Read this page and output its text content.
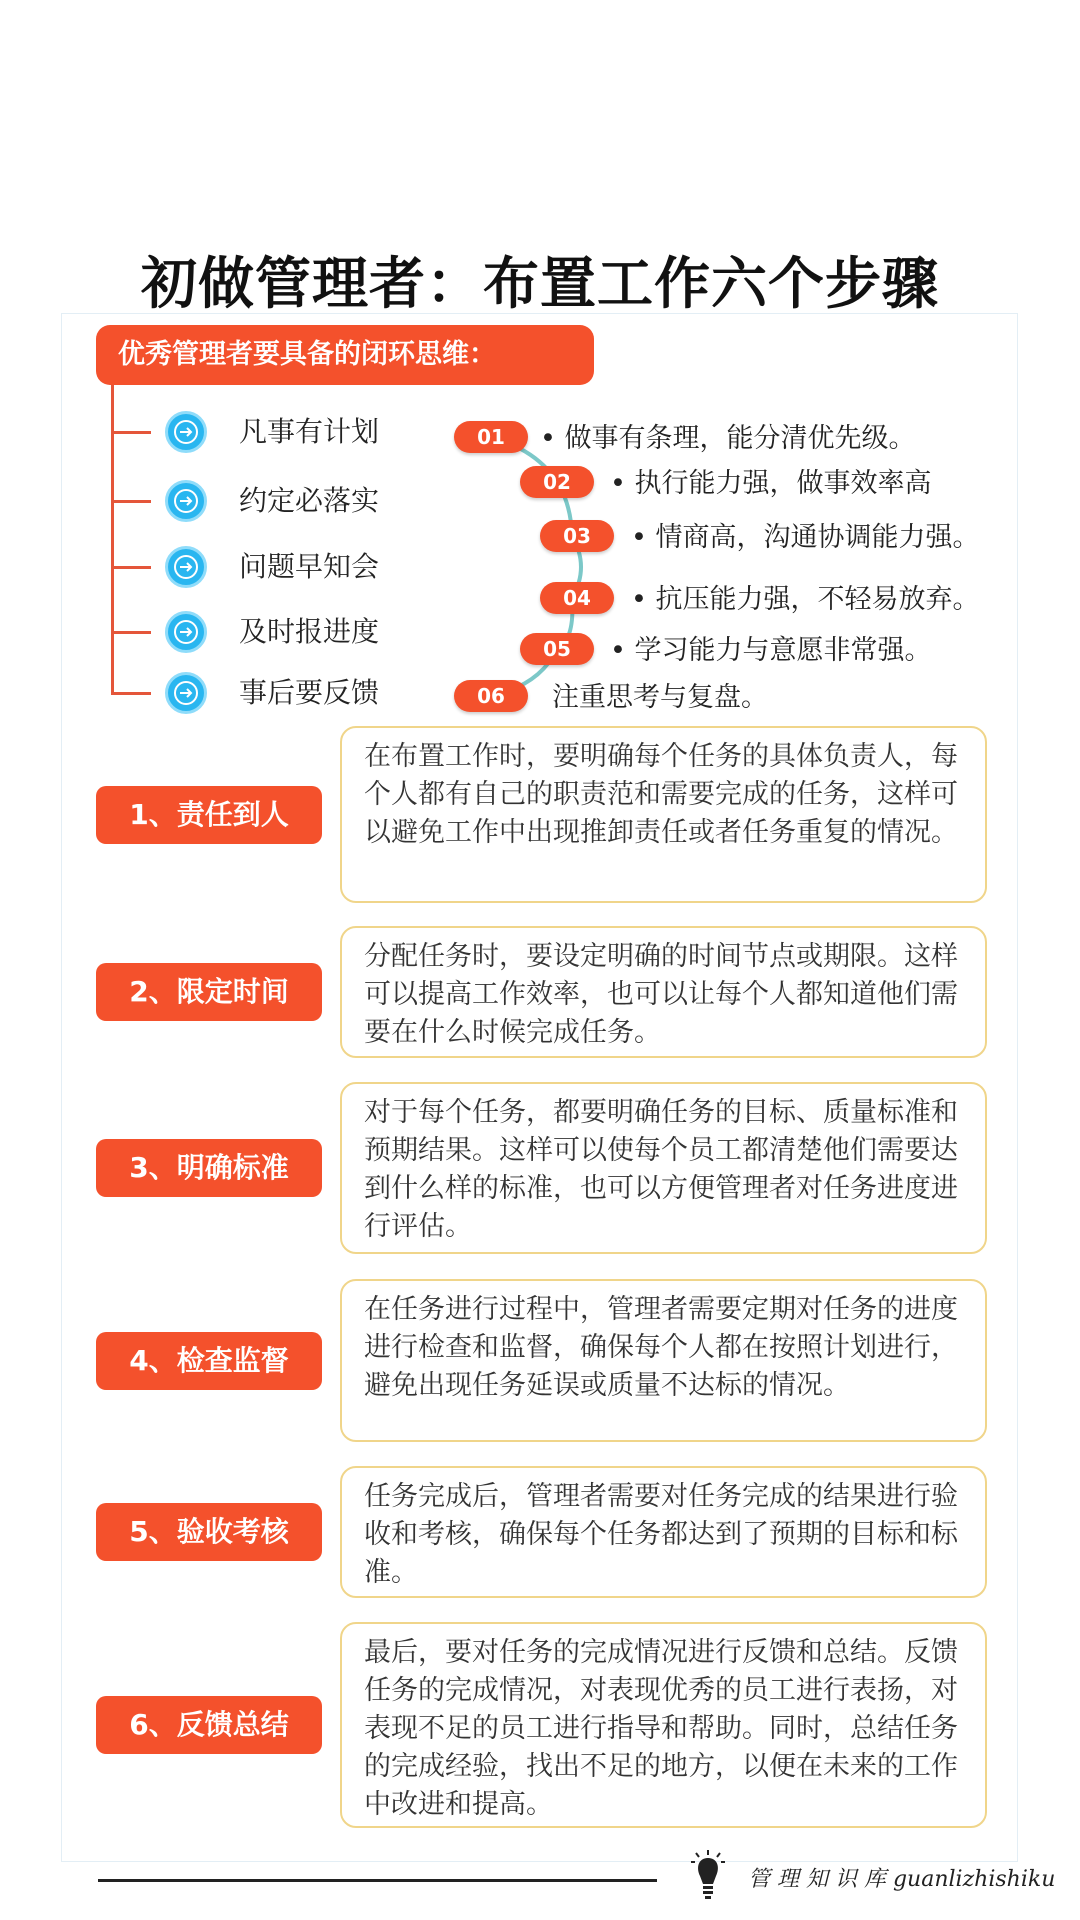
初做管理者：布置工作六个步骤
优秀管理者要具备的闭环思维：
凡事有计划
约定必落实
问题早知会
及时报进度
事后要反馈
01	• 做事有条理，能分清优先级。
02	• 执行能力强，做事效率高
03	• 情商高，沟通协调能力强。
04	• 抗压能力强，不轻易放弃。
05	• 学习能力与意愿非常强。
06	注重思考与复盘。
1、责任到人
在布置工作时，要明确每个任务的具体负责人，每个人都有自己的职责范和需要完成的任务，这样可以避免工作中出现推卸责任或者任务重复的情况。
2、限定时间
分配任务时，要设定明确的时间节点或期限。这样可以提高工作效率，也可以让每个人都知道他们需要在什么时候完成任务。
3、明确标准
对于每个任务，都要明确任务的目标、质量标准和预期结果。这样可以使每个员工都清楚他们需要达到什么样的标准，也可以方便管理者对任务进度进行评估。
4、检查监督
在任务进行过程中，管理者需要定期对任务的进度进行检查和监督，确保每个人都在按照计划进行，避免出现任务延误或质量不达标的情况。
5、验收考核
任务完成后，管理者需要对任务完成的结果进行验收和考核，确保每个任务都达到了预期的目标和标准。
6、反馈总结
最后，要对任务的完成情况进行反馈和总结。反馈任务的完成情况，对表现优秀的员工进行表扬，对表现不足的员工进行指导和帮助。同时，总结任务的完成经验，找出不足的地方，以便在未来的工作中改进和提高。
管 理 知 识 库 guanlizhishiku
